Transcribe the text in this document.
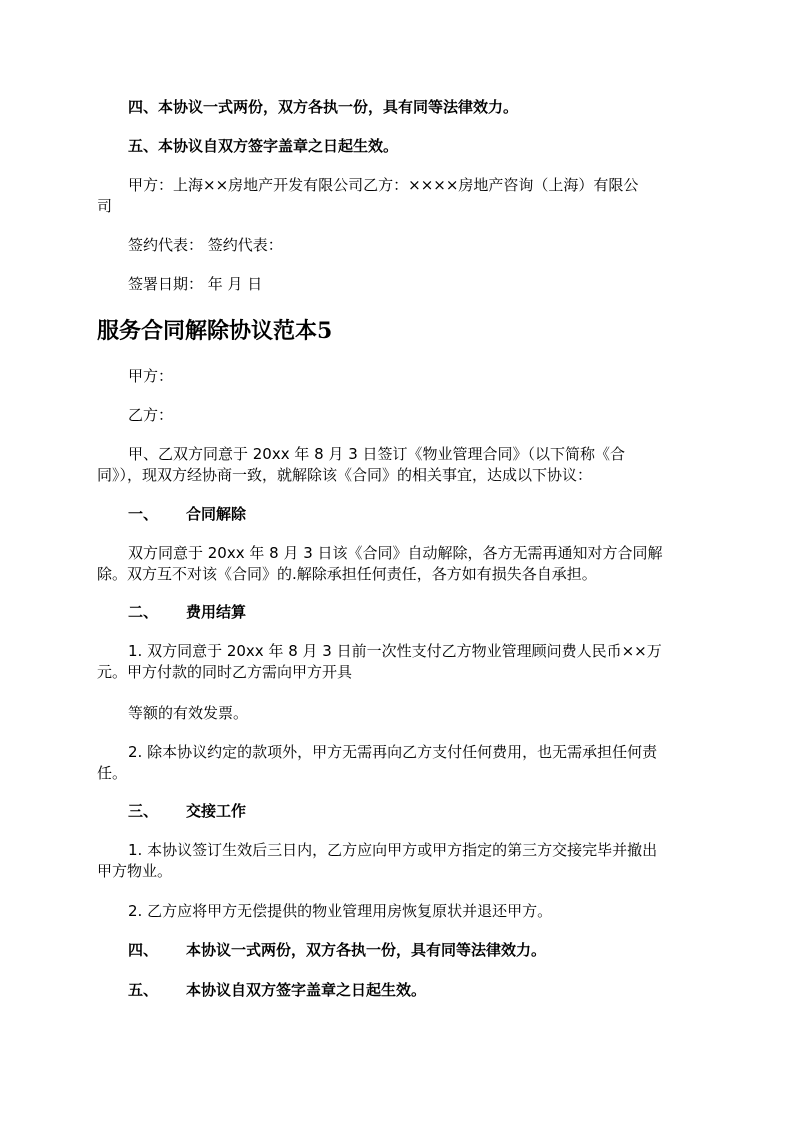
四、本协议一式两份，双方各执一份，具有同等法律效力。
五、本协议自双方签字盖章之日起生效。
甲方：上海××房地产开发有限公司乙方：××××房地产咨询（上海）有限公
司
签约代表： 签约代表：
签署日期： 年 月 日
服务合同解除协议范本5
甲方：
乙方：
甲、乙双方同意于 20xx 年 8 月 3 日签订《物业管理合同》（以下简称《合
同》），现双方经协商一致，就解除该《合同》的相关事宜，达成以下协议：
一、 合同解除
双方同意于 20xx 年 8 月 3 日该《合同》自动解除，各方无需再通知对方合同解
除。双方互不对该《合同》的.解除承担任何责任，各方如有损失各自承担。
二、 费用结算
1. 双方同意于 20xx 年 8 月 3 日前一次性支付乙方物业管理顾问费人民币××万
元。甲方付款的同时乙方需向甲方开具
等额的有效发票。
2. 除本协议约定的款项外，甲方无需再向乙方支付任何费用，也无需承担任何责
任。
三、 交接工作
1. 本协议签订生效后三日内，乙方应向甲方或甲方指定的第三方交接完毕并撤出
甲方物业。
2. 乙方应将甲方无偿提供的物业管理用房恢复原状并退还甲方。
四、 本协议一式两份，双方各执一份，具有同等法律效力。
五、 本协议自双方签字盖章之日起生效。
